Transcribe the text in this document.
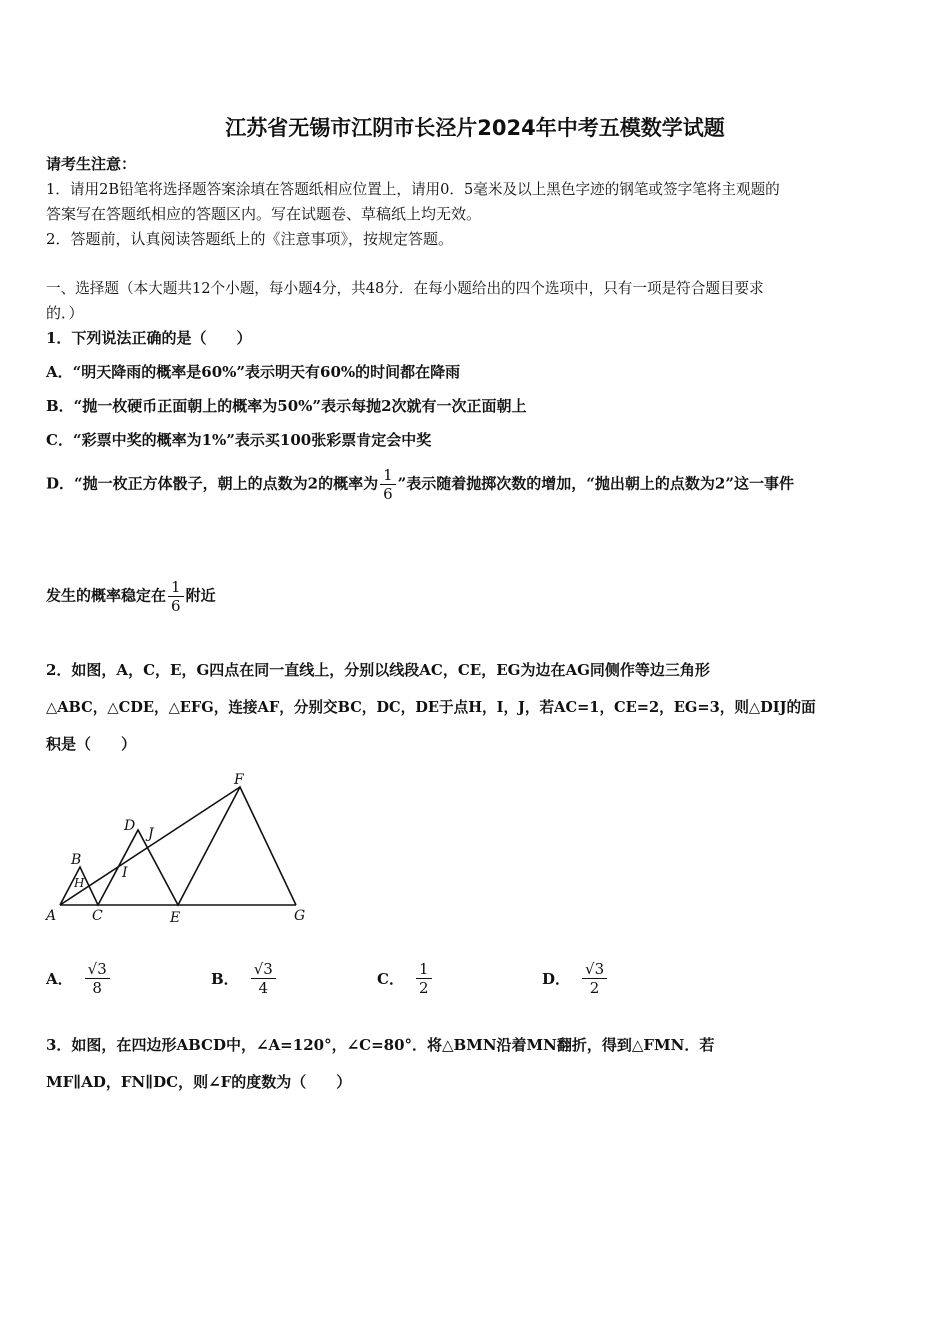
江苏省无锡市江阴市长泾片2024年中考五模数学试题
请考生注意：
1．请用2B铅笔将选择题答案涂填在答题纸相应位置上，请用0．5毫米及以上黑色字迹的钢笔或签字笔将主观题的
答案写在答题纸相应的答题区内。写在试题卷、草稿纸上均无效。
2．答题前，认真阅读答题纸上的《注意事项》，按规定答题。
一、选择题（本大题共12个小题，每小题4分，共48分．在每小题给出的四个选项中，只有一项是符合题目要求
的．）
1．下列说法正确的是（　　）
A．“明天降雨的概率是60%”表示明天有60%的时间都在降雨
B．“抛一枚硬币正面朝上的概率为50%”表示每抛2次就有一次正面朝上
C．“彩票中奖的概率为1%”表示买100张彩票肯定会中奖
D．“抛一枚正方体骰子，朝上的点数为2的概率为 $\frac{1}{6}$ ”表示随着抛掷次数的增加，“抛出朝上的点数为2”这一事件
发生的概率稳定在 $\frac{1}{6}$ 附近
2．如图，A，C，E，G四点在同一直线上，分别以线段AC，CE，EG为边在AG同侧作等边三角形
△ABC，△CDE，△EFG，连接AF，分别交BC，DC，DE于点H，I，J，若AC=1，CE=2，EG=3，则△DIJ的面
积是（　　）
A
B
C
D
E
F
G
H
I
J
A． $\frac{√3}{8}$	B． $\frac{√3}{4}$	C． $\frac{1}{2}$	D． $\frac{√3}{2}$
3．如图，在四边形ABCD中，∠A=120°，∠C=80°．将△BMN沿着MN翻折，得到△FMN．若
MF∥AD，FN∥DC，则∠F的度数为（　　）
